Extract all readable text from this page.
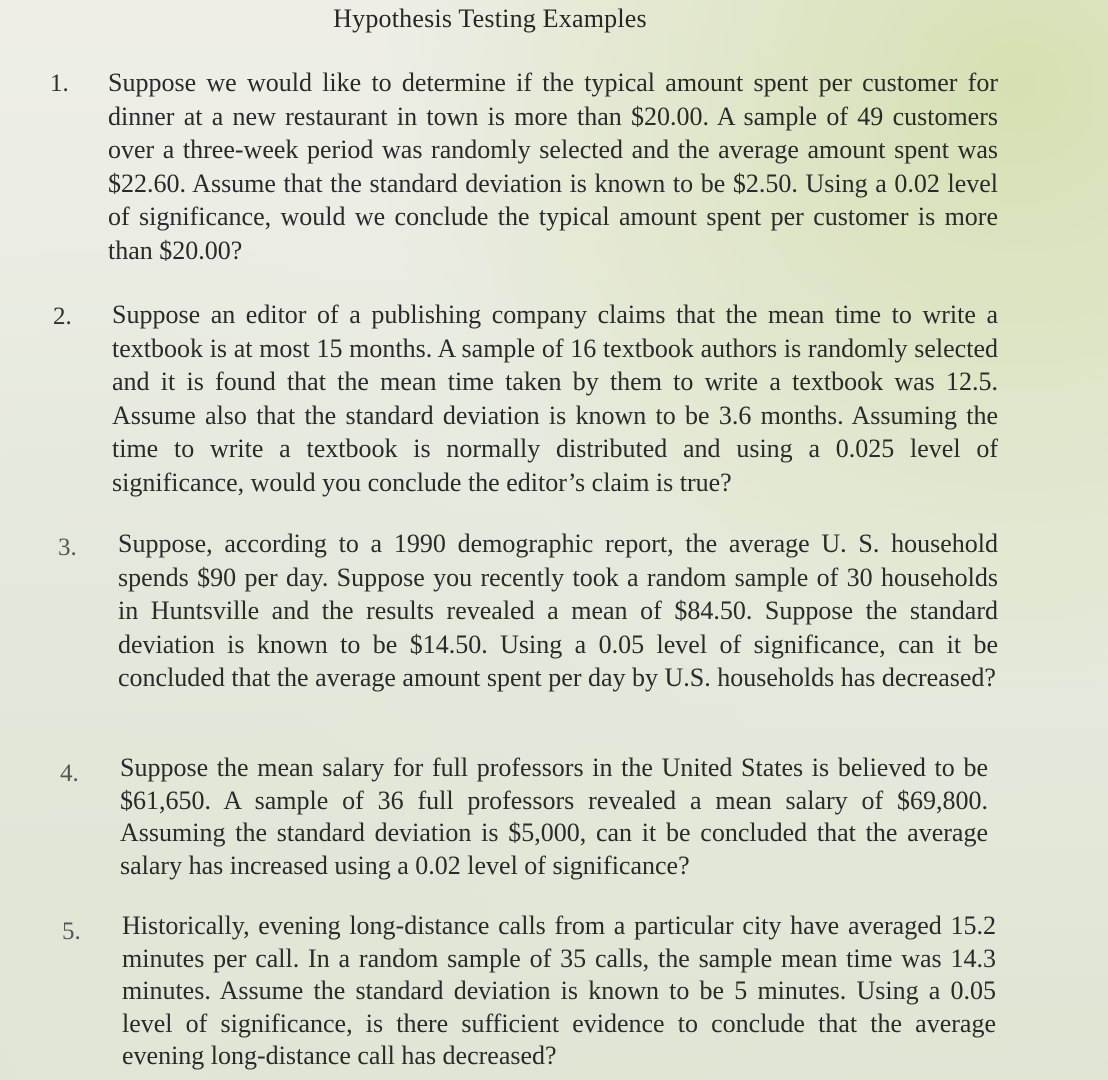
Hypothesis Testing Examples
1. Suppose we would like to determine if the typical amount spent per customer for dinner at a new restaurant in town is more than $20.00. A sample of 49 customers over a three-week period was randomly selected and the average amount spent was $22.60. Assume that the standard deviation is known to be $2.50. Using a 0.02 level of significance, would we conclude the typical amount spent per customer is more than $20.00?
2. Suppose an editor of a publishing company claims that the mean time to write a textbook is at most 15 months. A sample of 16 textbook authors is randomly selected and it is found that the mean time taken by them to write a textbook was 12.5. Assume also that the standard deviation is known to be 3.6 months. Assuming the time to write a textbook is normally distributed and using a 0.025 level of significance, would you conclude the editor’s claim is true?
3. Suppose, according to a 1990 demographic report, the average U. S. household spends $90 per day. Suppose you recently took a random sample of 30 households in Huntsville and the results revealed a mean of $84.50. Suppose the standard deviation is known to be $14.50. Using a 0.05 level of significance, can it be concluded that the average amount spent per day by U.S. households has decreased?
4. Suppose the mean salary for full professors in the United States is believed to be $61,650. A sample of 36 full professors revealed a mean salary of $69,800. Assuming the standard deviation is $5,000, can it be concluded that the average salary has increased using a 0.02 level of significance?
5. Historically, evening long-distance calls from a particular city have averaged 15.2 minutes per call. In a random sample of 35 calls, the sample mean time was 14.3 minutes. Assume the standard deviation is known to be 5 minutes. Using a 0.05 level of significance, is there sufficient evidence to conclude that the average evening long-distance call has decreased?
